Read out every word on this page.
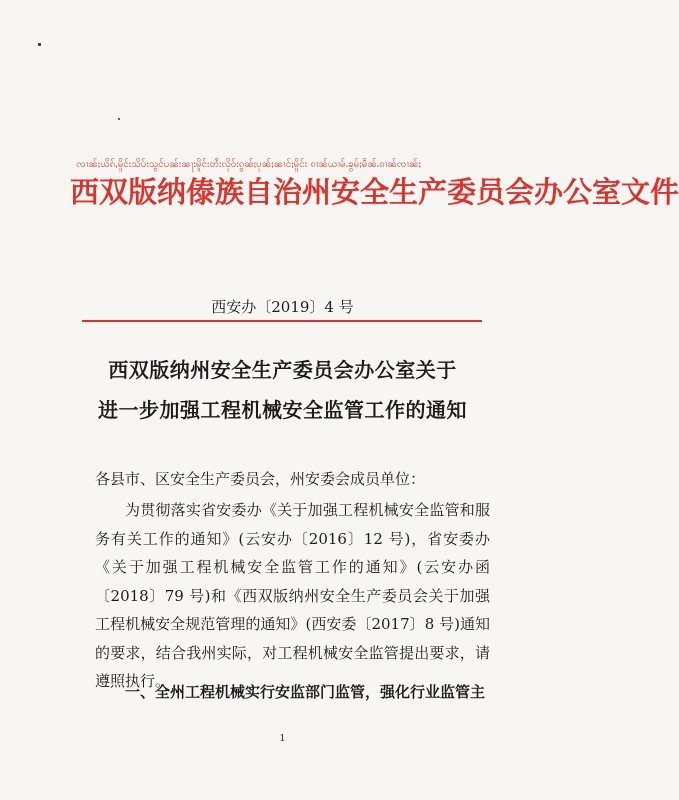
ၸၢၼ်ႈယိၵ်ႇမိူင်းသိပ်းသွင်ပၼ်းၼႃးမိူင်းတႆးလိုဝ်းၵွၼ်ႈပုၼ်ႈၼၢင်ႈမိူင်း ၵၢၼ်ယၢမ်ႉၶွမ်ႈမဵၼ်ႉၵၢၼ်ၸၢၼ်ႈ
西双版纳傣族自治州安全生产委员会办公室文件
西安办〔2019〕4 号
西双版纳州安全生产委员会办公室关于
进一步加强工程机械安全监管工作的通知
各县市、区安全生产委员会，州安委会成员单位：

为贯彻落实省安委办《关于加强工程机械安全监管和服务有关工作的通知》(云安办〔2016〕12 号)，省安委办《关于加强工程机械安全监管工作的通知》(云安办函〔2018〕79 号)和《西双版纳州安全生产委员会关于加强工程机械安全规范管理的通知》(西安委〔2017〕8 号)通知的要求，结合我州实际，对工程机械安全监管提出要求，请遵照执行。

一、全州工程机械实行安监部门监管，强化行业监管主
1
